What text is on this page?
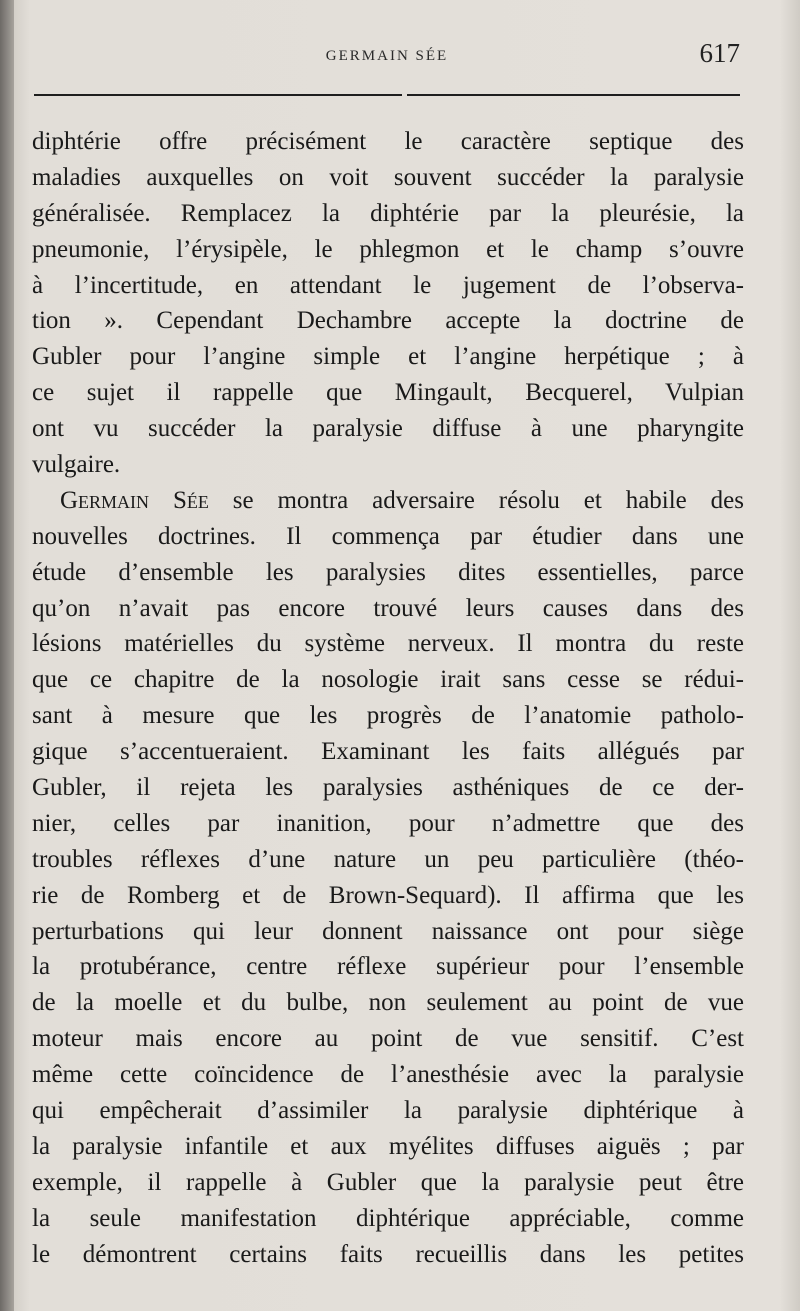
GERMAIN SÉE	617
diphtérie offre précisément le caractère septique des
maladies auxquelles on voit souvent succéder la paralysie
généralisée. Remplacez la diphtérie par la pleurésie, la
pneumonie, l’érysipèle, le phlegmon et le champ s’ouvre
à l’incertitude, en attendant le jugement de l’observa-
tion ». Cependant Dechambre accepte la doctrine de
Gubler pour l’angine simple et l’angine herpétique ; à
ce sujet il rappelle que Mingault, Becquerel, Vulpian
ont vu succéder la paralysie diffuse à une pharyngite
vulgaire.
Germain Sée se montra adversaire résolu et habile des
nouvelles doctrines. Il commença par étudier dans une
étude d’ensemble les paralysies dites essentielles, parce
qu’on n’avait pas encore trouvé leurs causes dans des
lésions matérielles du système nerveux. Il montra du reste
que ce chapitre de la nosologie irait sans cesse se rédui-
sant à mesure que les progrès de l’anatomie patholo-
gique s’accentueraient. Examinant les faits allégués par
Gubler, il rejeta les paralysies asthéniques de ce der-
nier, celles par inanition, pour n’admettre que des
troubles réflexes d’une nature un peu particulière (théo-
rie de Romberg et de Brown-Sequard). Il affirma que les
perturbations qui leur donnent naissance ont pour siège
la protubérance, centre réflexe supérieur pour l’ensemble
de la moelle et du bulbe, non seulement au point de vue
moteur mais encore au point de vue sensitif. C’est
même cette coïncidence de l’anesthésie avec la paralysie
qui empêcherait d’assimiler la paralysie diphtérique à
la paralysie infantile et aux myélites diffuses aiguës ; par
exemple, il rappelle à Gubler que la paralysie peut être
la seule manifestation diphtérique appréciable, comme
le démontrent certains faits recueillis dans les petites
